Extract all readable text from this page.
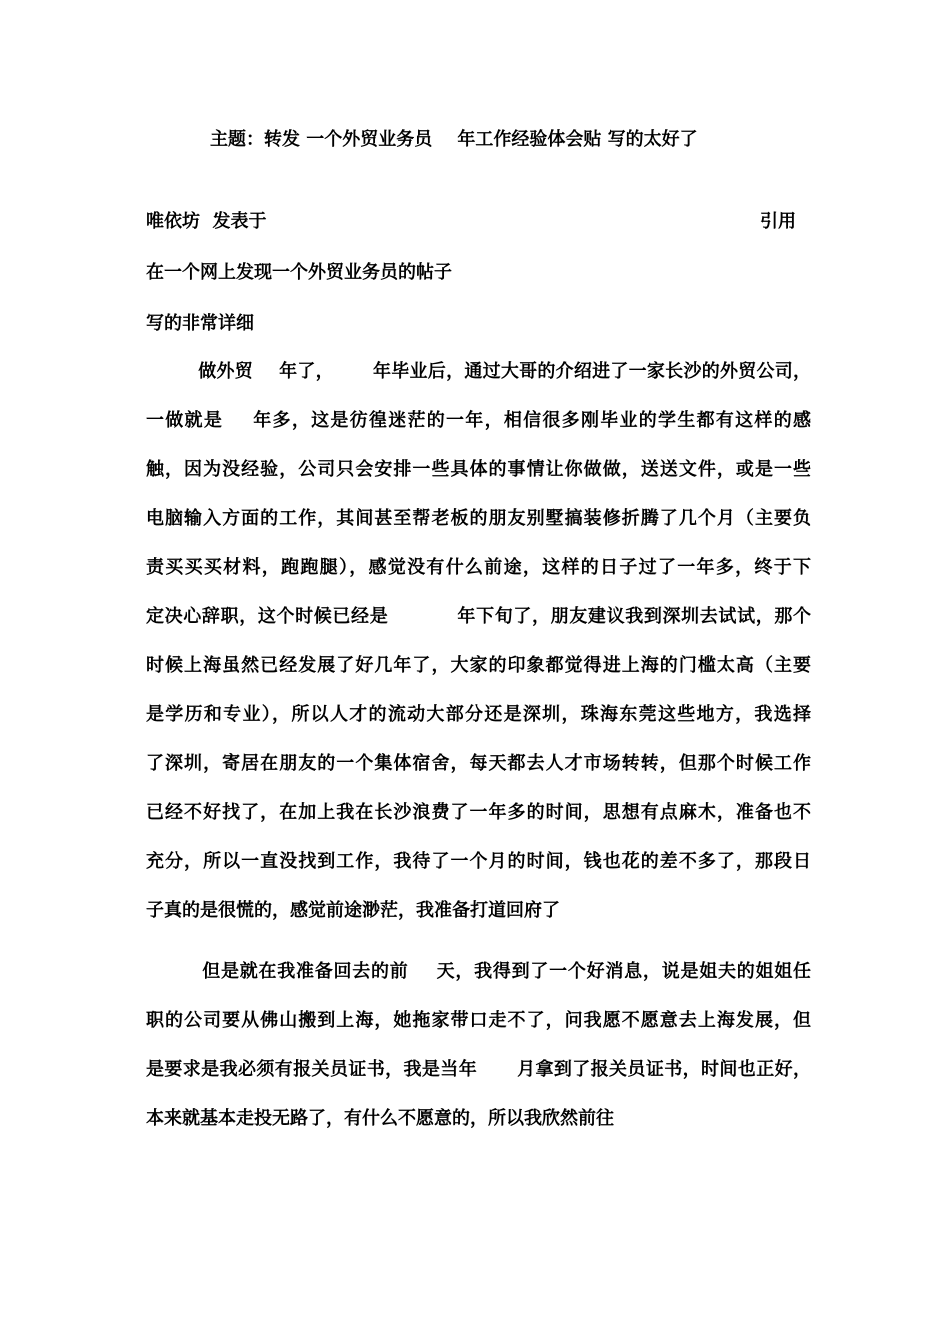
主题：转发 一个外贸业务员    年工作经验体会贴 写的太好了
唯依坊  发表于	引用
在一个网上发现一个外贸业务员的帖子
写的非常详细
做外贸    年了，      年毕业后，通过大哥的介绍进了一家长沙的外贸公司，
一做就是    年多，这是彷徨迷茫的一年，相信很多刚毕业的学生都有这样的感
触，因为没经验，公司只会安排一些具体的事情让你做做，送送文件，或是一些
电脑输入方面的工作，其间甚至帮老板的朋友别墅搞装修折腾了几个月（主要负
责买买买材料，跑跑腿），感觉没有什么前途，这样的日子过了一年多，终于下
定决心辞职，这个时候已经是          年下旬了，朋友建议我到深圳去试试，那个
时候上海虽然已经发展了好几年了，大家的印象都觉得进上海的门槛太高（主要
是学历和专业），所以人才的流动大部分还是深圳，珠海东莞这些地方，我选择
了深圳，寄居在朋友的一个集体宿舍，每天都去人才市场转转，但那个时候工作
已经不好找了，在加上我在长沙浪费了一年多的时间，思想有点麻木，准备也不
充分，所以一直没找到工作，我待了一个月的时间，钱也花的差不多了，那段日
子真的是很慌的，感觉前途渺茫，我准备打道回府了
但是就在我准备回去的前    天，我得到了一个好消息，说是姐夫的姐姐任
职的公司要从佛山搬到上海，她拖家带口走不了，问我愿不愿意去上海发展，但
是要求是我必须有报关员证书，我是当年      月拿到了报关员证书，时间也正好，
本来就基本走投无路了，有什么不愿意的，所以我欣然前往
